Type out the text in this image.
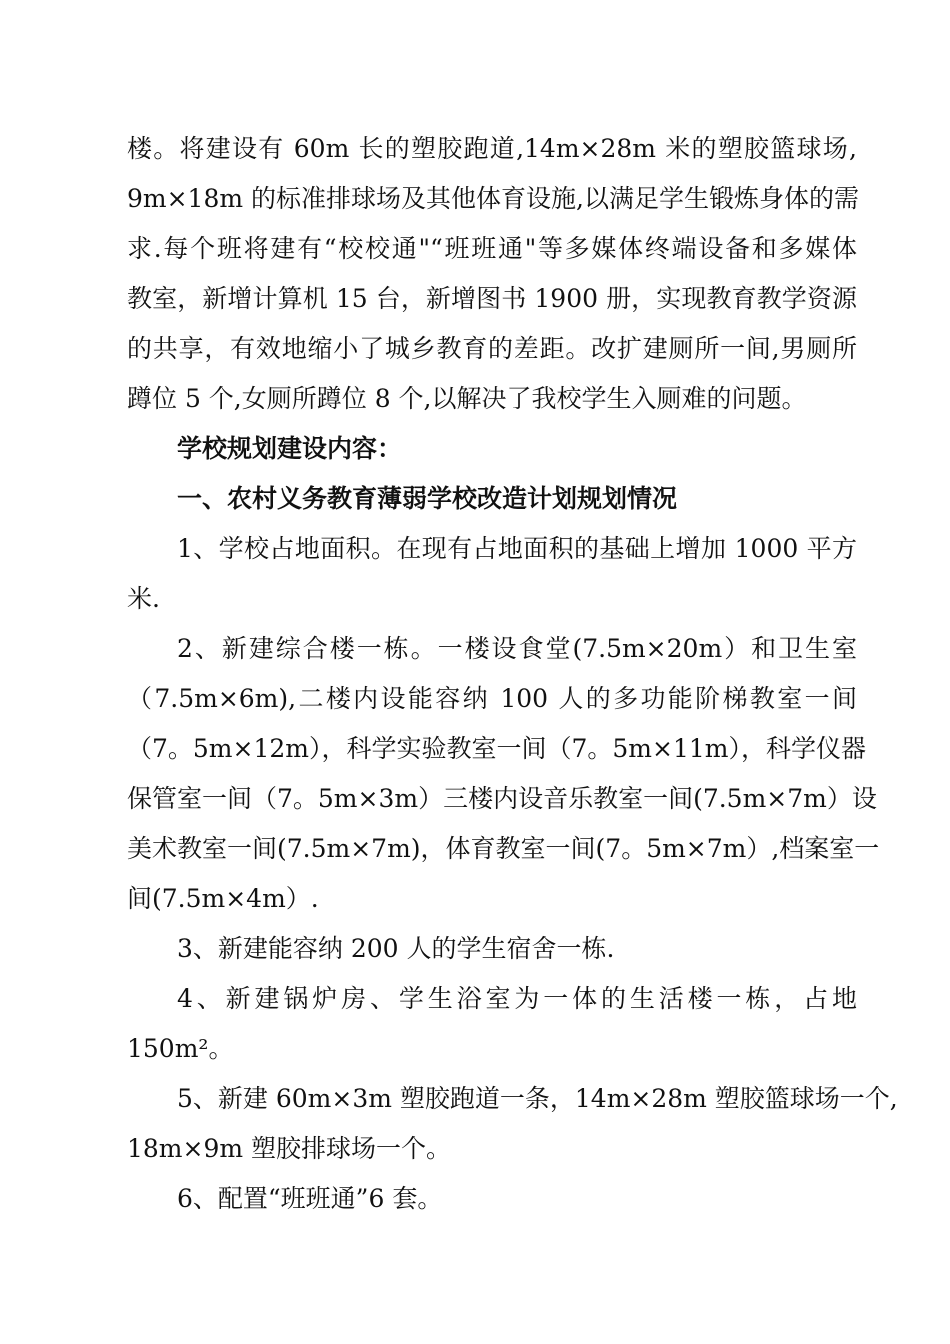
楼。将建设有 60m 长的塑胶跑道,14m×28m 米的塑胶篮球场,
9m×18m 的标准排球场及其他体育设施,以满足学生锻炼身体的需
求.每个班将建有“校校通"“班班通"等多媒体终端设备和多媒体
教室，新增计算机 15 台，新增图书 1900 册，实现教育教学资源
的共享，有效地缩小了城乡教育的差距。改扩建厕所一间,男厕所
蹲位 5 个,女厕所蹲位 8 个,以解决了我校学生入厕难的问题。
学校规划建设内容：
一、农村义务教育薄弱学校改造计划规划情况
1、学校占地面积。在现有占地面积的基础上增加 1000 平方
米.
2、新建综合楼一栋。一楼设食堂(7.5m×20m）和卫生室
（7.5m×6m),二楼内设能容纳 100 人的多功能阶梯教室一间
（7。5m×12m），科学实验教室一间（7。5m×11m），科学仪器
保管室一间（7。5m×3m）三楼内设音乐教室一间(7.5m×7m）设
美术教室一间(7.5m×7m)，体育教室一间(7。5m×7m）,档案室一
间(7.5m×4m）.
3、新建能容纳 200 人的学生宿舍一栋.
4、新建锅炉房、学生浴室为一体的生活楼一栋，占地
150m²。
5、新建 60m×3m 塑胶跑道一条，14m×28m 塑胶篮球场一个,
18m×9m 塑胶排球场一个。
6、配置“班班通”6 套。
